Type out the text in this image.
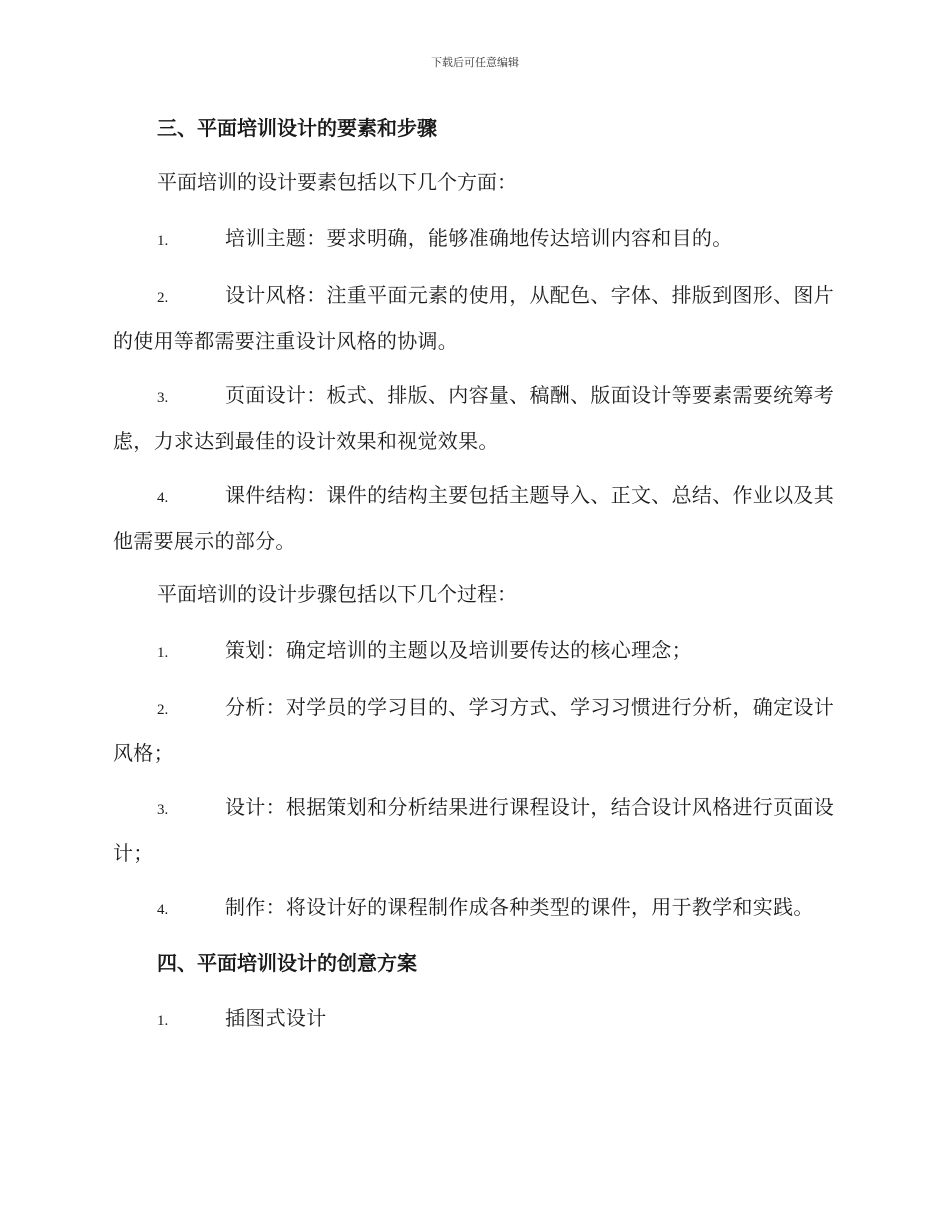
下载后可任意编辑
三、平面培训设计的要素和步骤
平面培训的设计要素包括以下几个方面：
1.	培训主题：要求明确，能够准确地传达培训内容和目的。
2.	设计风格：注重平面元素的使用，从配色、字体、排版到图形、图片的使用等都需要注重设计风格的协调。
3.	页面设计：板式、排版、内容量、稿酬、版面设计等要素需要统筹考虑，力求达到最佳的设计效果和视觉效果。
4.	课件结构：课件的结构主要包括主题导入、正文、总结、作业以及其他需要展示的部分。
平面培训的设计步骤包括以下几个过程：
1.	策划：确定培训的主题以及培训要传达的核心理念；
2.	分析：对学员的学习目的、学习方式、学习习惯进行分析，确定设计风格；
3.	设计：根据策划和分析结果进行课程设计，结合设计风格进行页面设计；
4.	制作：将设计好的课程制作成各种类型的课件，用于教学和实践。
四、平面培训设计的创意方案
1.	插图式设计
